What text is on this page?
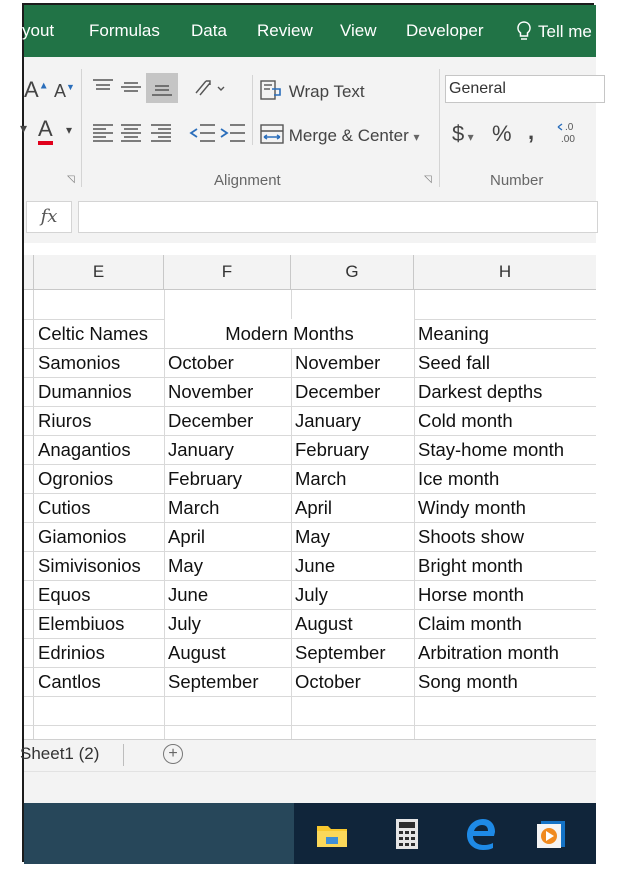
yout Formulas Data Review View Developer	Tell me
A▲ A▼
▾ A ▾
◹
Wrap Text
Merge & Center ▾
Alignment	◹
General
$ ▾ % ,	.0
.00
Number
fx
E	F	G	H
Celtic Names	Modern Months	Meaning
Samonios	October	November	Seed fall
Dumannios	November	December	Darkest depths
Riuros	December	January	Cold month
Anagantios	January	February	Stay-home month
Ogronios	February	March	Ice month
Cutios	March	April	Windy month
Giamonios	April	May	Shoots show
Simivisonios	May	June	Bright month
Equos	June	July	Horse month
Elembiuos	July	August	Claim month
Edrinios	August	September	Arbitration month
Cantlos	September	October	Song month
Sheet1 (2)	+
